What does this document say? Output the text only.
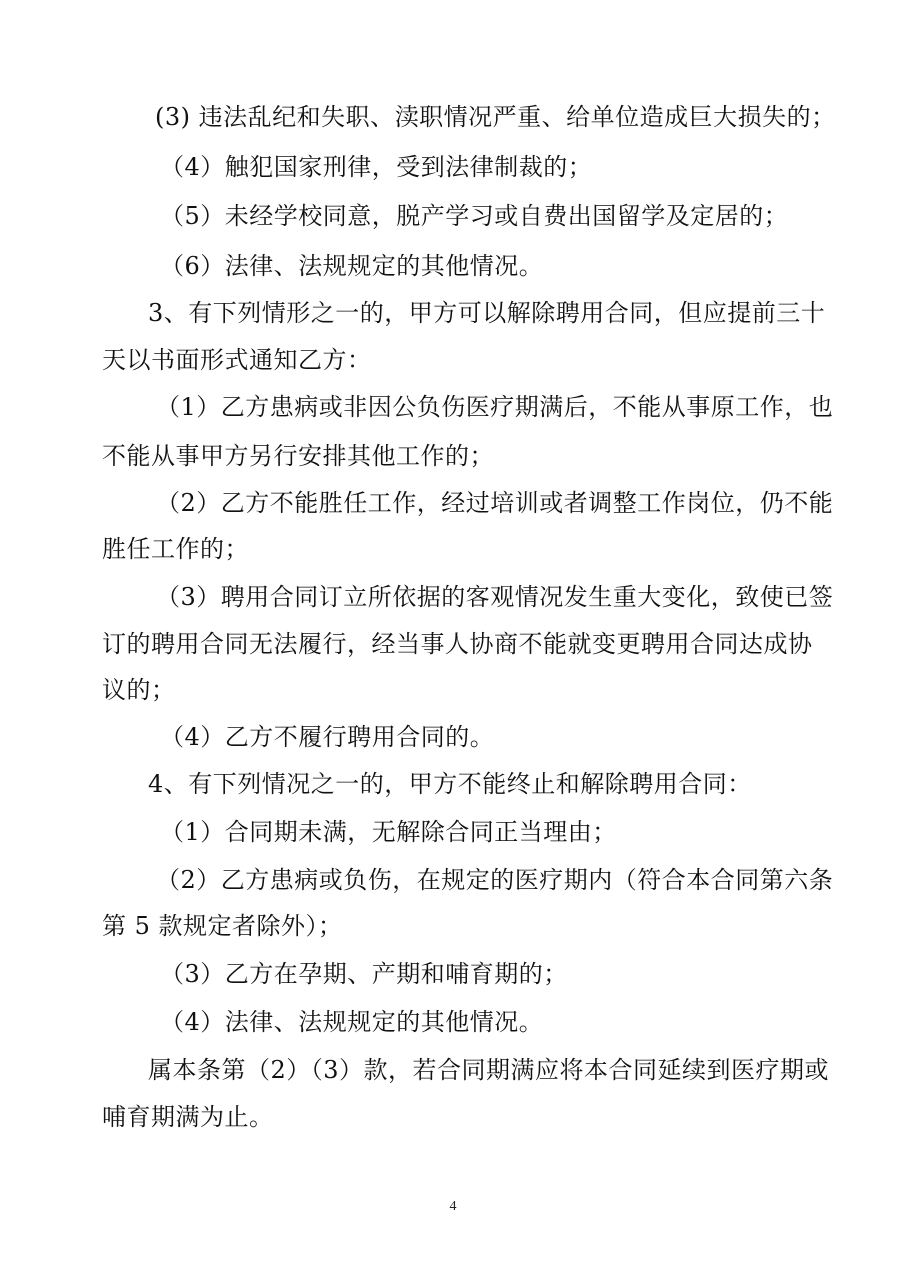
(3) 违法乱纪和失职、渎职情况严重、给单位造成巨大损失的；
（4）触犯国家刑律，受到法律制裁的；
（5）未经学校同意，脱产学习或自费出国留学及定居的；
（6）法律、法规规定的其他情况。
3、有下列情形之一的，甲方可以解除聘用合同，但应提前三十
天以书面形式通知乙方：
（1）乙方患病或非因公负伤医疗期满后，不能从事原工作，也
不能从事甲方另行安排其他工作的；
（2）乙方不能胜任工作，经过培训或者调整工作岗位，仍不能
胜任工作的；
（3）聘用合同订立所依据的客观情况发生重大变化，致使已签
订的聘用合同无法履行，经当事人协商不能就变更聘用合同达成协
议的；
（4）乙方不履行聘用合同的。
4、有下列情况之一的，甲方不能终止和解除聘用合同：
（1）合同期未满，无解除合同正当理由；
（2）乙方患病或负伤，在规定的医疗期内（符合本合同第六条
第 5 款规定者除外）；
（3）乙方在孕期、产期和哺育期的；
（4）法律、法规规定的其他情况。
属本条第（2）（3）款，若合同期满应将本合同延续到医疗期或
哺育期满为止。
4
